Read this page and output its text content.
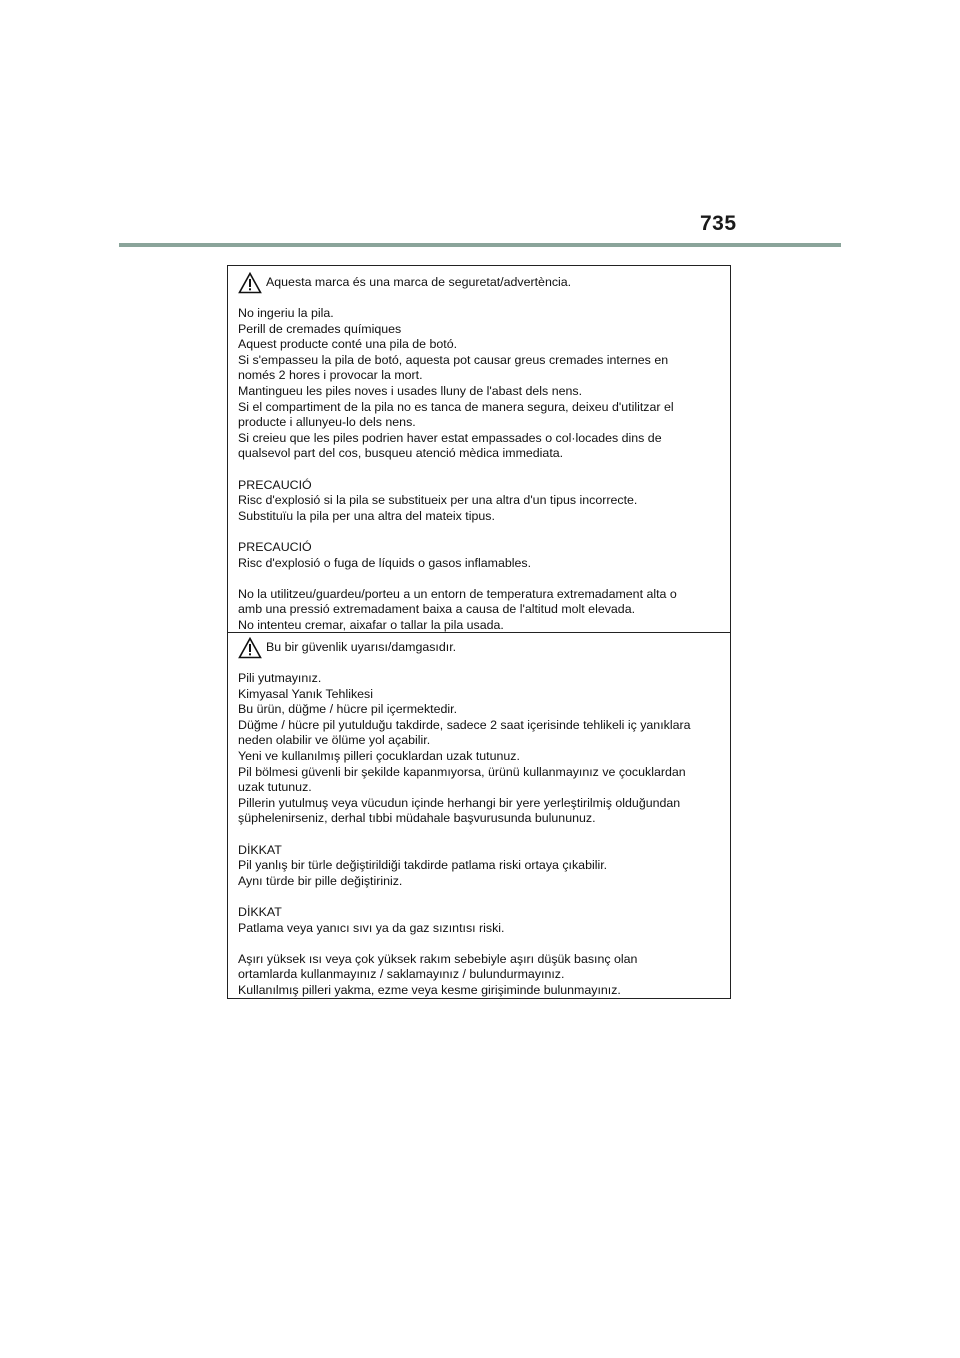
735
Aquesta marca és una marca de seguretat/advertència.
No ingeriu la pila.
Perill de cremades químiques
Aquest producte conté una pila de botó.
Si s'empasseu la pila de botó, aquesta pot causar greus cremades internes en
només 2 hores i provocar la mort.
Mantingueu les piles noves i usades lluny de l'abast dels nens.
Si el compartiment de la pila no es tanca de manera segura, deixeu d'utilitzar el
producte i allunyeu-lo dels nens.
Si creieu que les piles podrien haver estat empassades o col·locades dins de
qualsevol part del cos, busqueu atenció mèdica immediata.
PRECAUCIÓ
Risc d'explosió si la pila se substitueix per una altra d'un tipus incorrecte.
Substituïu la pila per una altra del mateix tipus.
PRECAUCIÓ
Risc d'explosió o fuga de líquids o gasos inflamables.
No la utilitzeu/guardeu/porteu a un entorn de temperatura extremadament alta o
amb una pressió extremadament baixa a causa de l'altitud molt elevada.
No intenteu cremar, aixafar o tallar la pila usada.
Bu bir güvenlik uyarısı/damgasıdır.
Pili yutmayınız.
Kimyasal Yanık Tehlikesi
Bu ürün, düğme / hücre pil içermektedir.
Düğme / hücre pil yutulduğu takdirde, sadece 2 saat içerisinde tehlikeli iç yanıklara
neden olabilir ve ölüme yol açabilir.
Yeni ve kullanılmış pilleri çocuklardan uzak tutunuz.
Pil bölmesi güvenli bir şekilde kapanmıyorsa, ürünü kullanmayınız ve çocuklardan
uzak tutunuz.
Pillerin yutulmuş veya vücudun içinde herhangi bir yere yerleştirilmiş olduğundan
şüphelenirseniz, derhal tıbbi müdahale başvurusunda bulununuz.
DİKKAT
Pil yanlış bir türle değiştirildiği takdirde patlama riski ortaya çıkabilir.
Aynı türde bir pille değiştiriniz.
DİKKAT
Patlama veya yanıcı sıvı ya da gaz sızıntısı riski.
Aşırı yüksek ısı veya çok yüksek rakım sebebiyle aşırı düşük basınç olan
ortamlarda kullanmayınız / saklamayınız / bulundurmayınız.
Kullanılmış pilleri yakma, ezme veya kesme girişiminde bulunmayınız.
